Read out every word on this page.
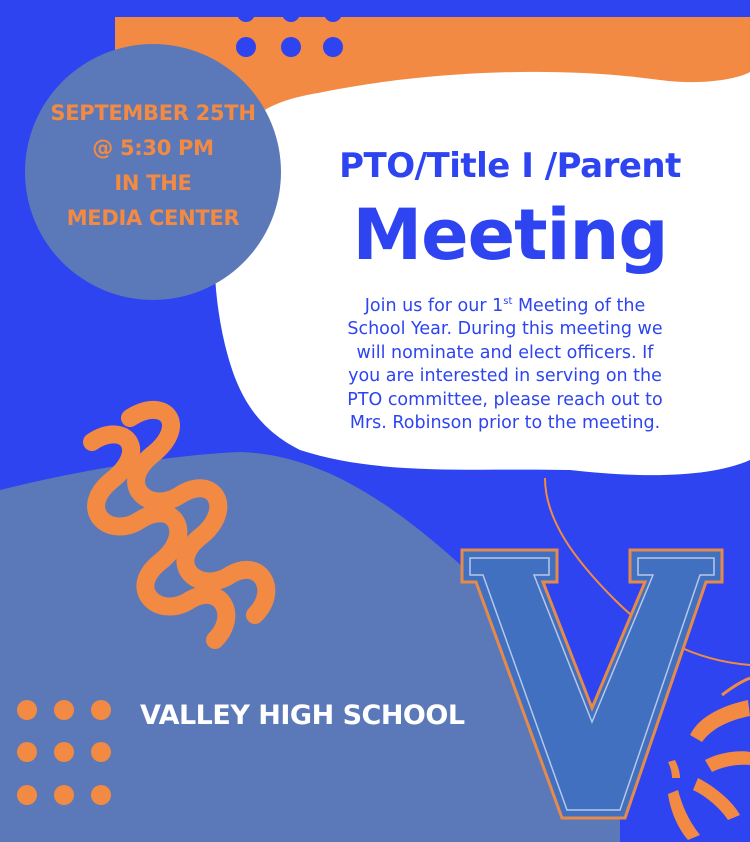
SEPTEMBER 25TH
@ 5:30 PM
IN THE
MEDIA CENTER
PTO/Title I /Parent
Meeting
Join us for our 1st Meeting of the
School Year. During this meeting we
will nominate and elect officers. If
you are interested in serving on the
PTO committee, please reach out to
Mrs. Robinson prior to the meeting.
VALLEY HIGH SCHOOL
